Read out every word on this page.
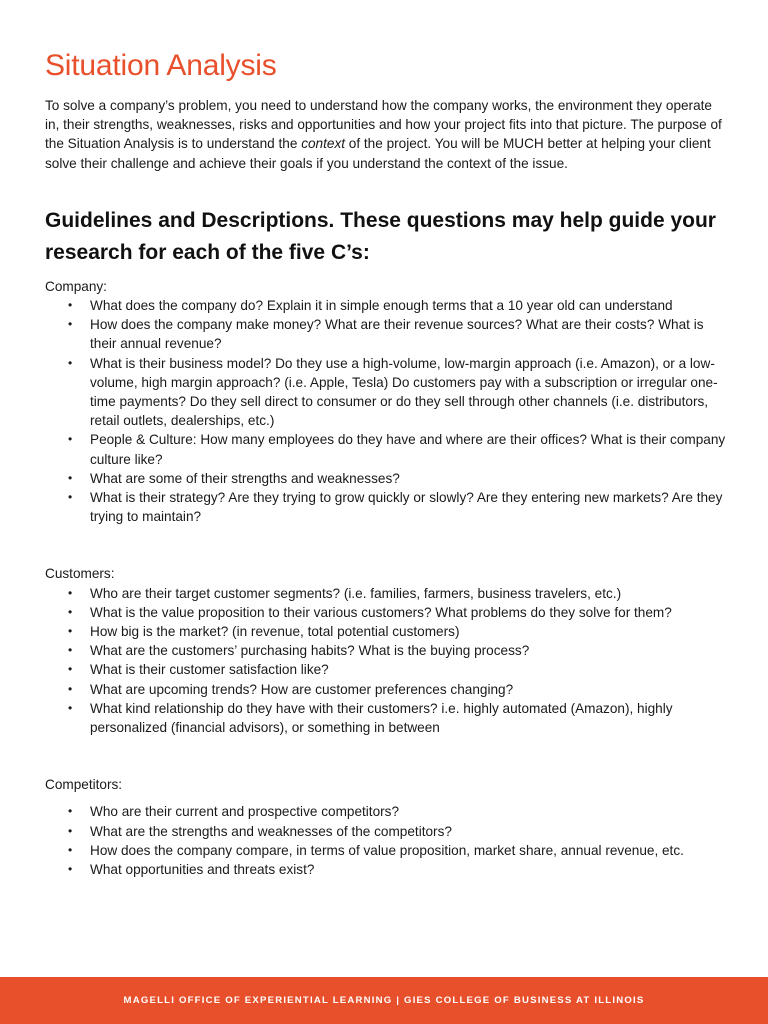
Situation Analysis

To solve a company’s problem, you need to understand how the company works, the environment they operate in, their strengths, weaknesses, risks and opportunities and how your project fits into that picture. The purpose of the Situation Analysis is to understand the context of the project. You will be MUCH better at helping your client solve their challenge and achieve their goals if you understand the context of the issue.

Guidelines and Descriptions. These questions may help guide your research for each of the five C’s:

Company:

• What does the company do? Explain it in simple enough terms that a 10 year old can understand
• How does the company make money? What are their revenue sources? What are their costs? What is their annual revenue?
• What is their business model? Do they use a high-volume, low-margin approach (i.e. Amazon), or a low-volume, high margin approach? (i.e. Apple, Tesla) Do customers pay with a subscription or irregular one-time payments? Do they sell direct to consumer or do they sell through other channels (i.e. distributors, retail outlets, dealerships, etc.)
• People & Culture: How many employees do they have and where are their offices? What is their company culture like?
• What are some of their strengths and weaknesses?
• What is their strategy? Are they trying to grow quickly or slowly? Are they entering new markets? Are they trying to maintain?

Customers:

• Who are their target customer segments? (i.e. families, farmers, business travelers, etc.)
• What is the value proposition to their various customers? What problems do they solve for them?
• How big is the market? (in revenue, total potential customers)
• What are the customers’ purchasing habits? What is the buying process?
• What is their customer satisfaction like?
• What are upcoming trends? How are customer preferences changing?
• What kind relationship do they have with their customers? i.e. highly automated (Amazon), highly personalized (financial advisors), or something in between

Competitors:

• Who are their current and prospective competitors?
• What are the strengths and weaknesses of the competitors?
• How does the company compare, in terms of value proposition, market share, annual revenue, etc.
• What opportunities and threats exist?
MAGELLI OFFICE OF EXPERIENTIAL LEARNING | GIES COLLEGE OF BUSINESS AT ILLINOIS
